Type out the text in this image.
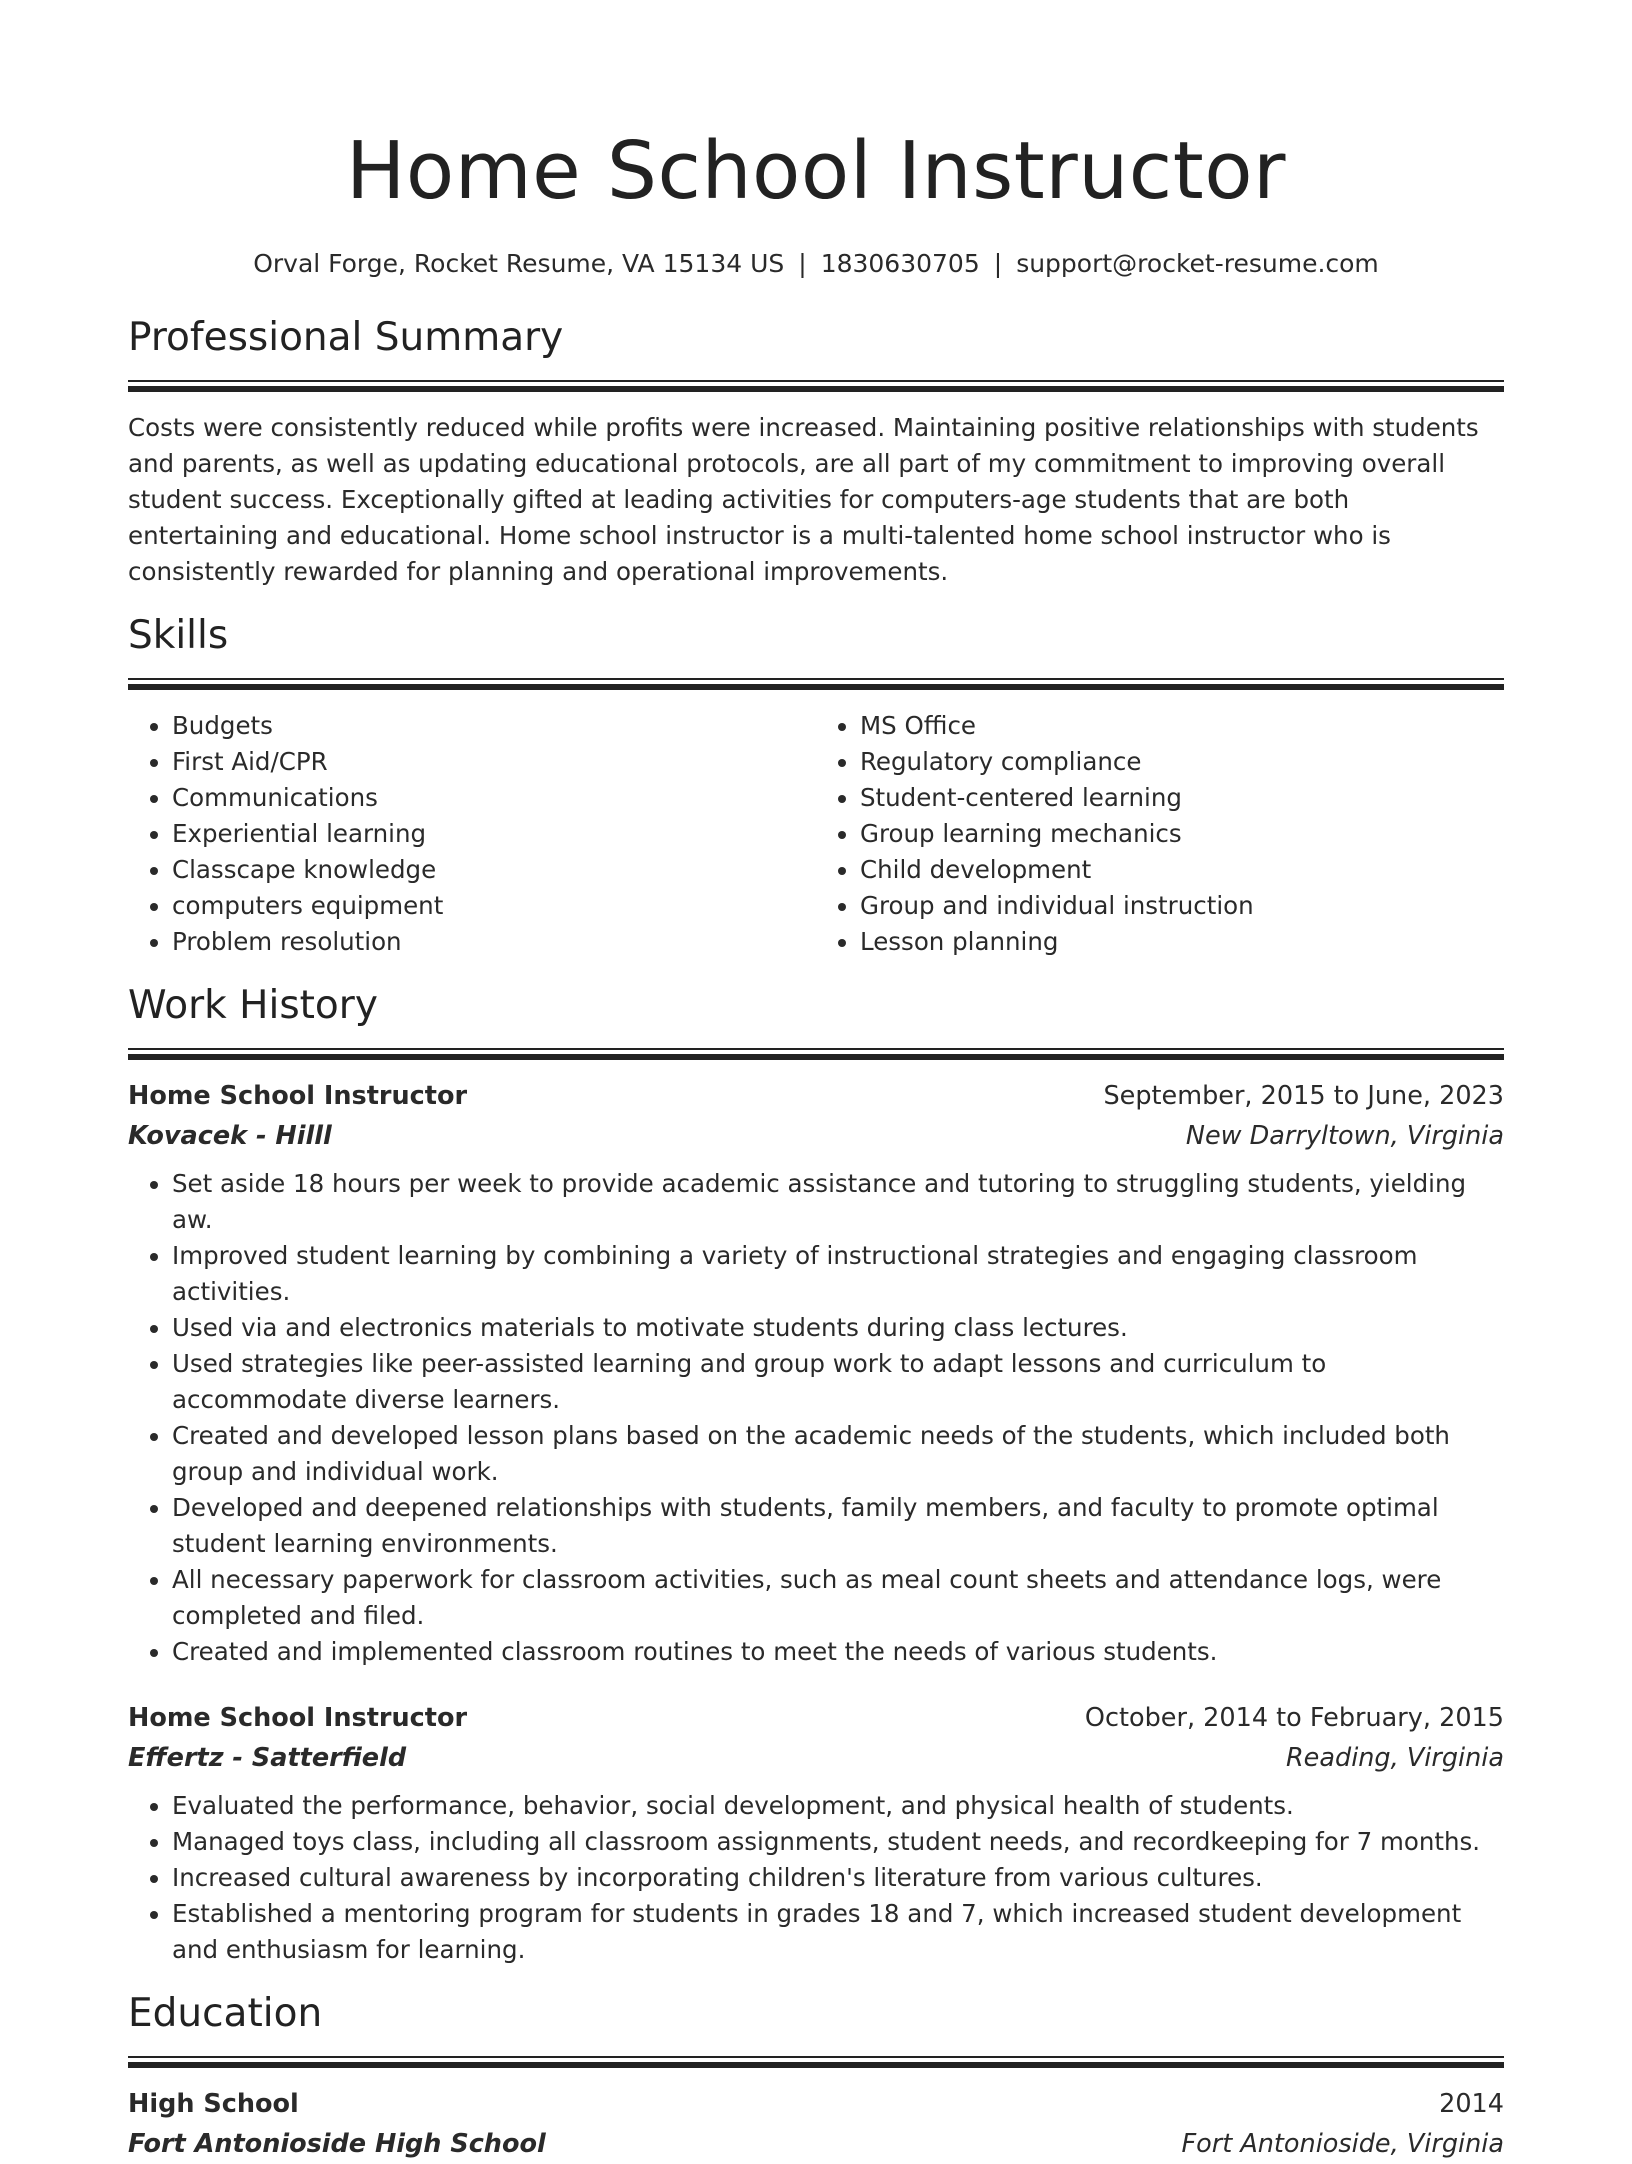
Home School Instructor
Orval Forge, Rocket Resume, VA 15134 US | 1830630705 | support@rocket-resume.com
Professional Summary

Costs were consistently reduced while profits were increased. Maintaining positive relationships with students and parents, as well as updating educational protocols, are all part of my commitment to improving overall student success. Exceptionally gifted at leading activities for computers-age students that are both entertaining and educational. Home school instructor is a multi-talented home school instructor who is consistently rewarded for planning and operational improvements.

Skills
• Budgets
• First Aid/CPR
• Communications
• Experiential learning
• Classcape knowledge
• computers equipment
• Problem resolution
• MS Office
• Regulatory compliance
• Student-centered learning
• Group learning mechanics
• Child development
• Group and individual instruction
• Lesson planning
Work History
Home School Instructor	September, 2015 to June, 2023
Kovacek - Hilll	New Darryltown, Virginia
• Set aside 18 hours per week to provide academic assistance and tutoring to struggling students, yielding aw.
• Improved student learning by combining a variety of instructional strategies and engaging classroom activities.
• Used via and electronics materials to motivate students during class lectures.
• Used strategies like peer-assisted learning and group work to adapt lessons and curriculum to accommodate diverse learners.
• Created and developed lesson plans based on the academic needs of the students, which included both group and individual work.
• Developed and deepened relationships with students, family members, and faculty to promote optimal student learning environments.
• All necessary paperwork for classroom activities, such as meal count sheets and attendance logs, were completed and filed.
• Created and implemented classroom routines to meet the needs of various students.
Home School Instructor	October, 2014 to February, 2015
Effertz - Satterfield	Reading, Virginia
• Evaluated the performance, behavior, social development, and physical health of students.
• Managed toys class, including all classroom assignments, student needs, and recordkeeping for 7 months.
• Increased cultural awareness by incorporating children's literature from various cultures.
• Established a mentoring program for students in grades 18 and 7, which increased student development and enthusiasm for learning.
Education
High School	2014
Fort Antonioside High School	Fort Antonioside, Virginia
